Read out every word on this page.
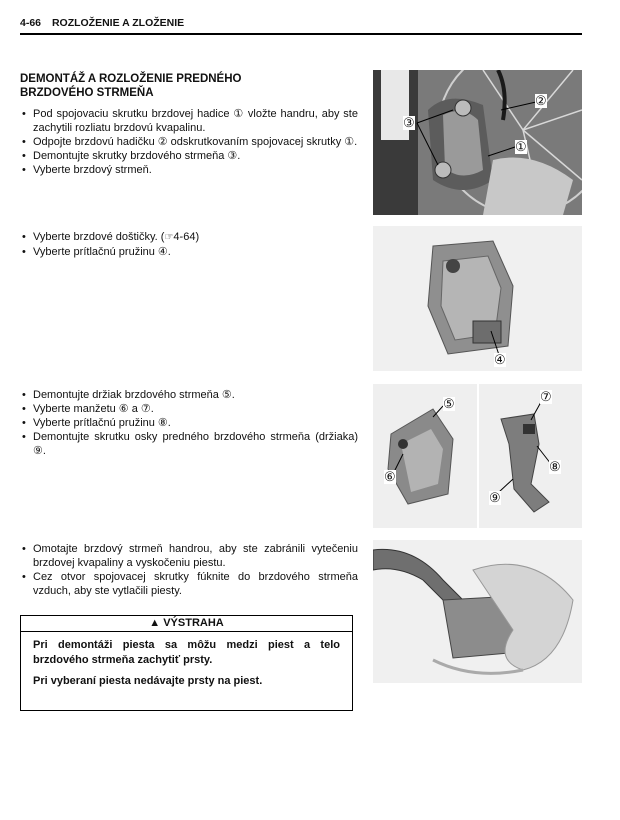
4-66 ROZLOŽENIE A ZLOŽENIE
DEMONTÁŽ A ROZLOŽENIE PREDNÉHO
BRZDOVÉHO STRMEŇA
• Pod spojovaciu skrutku brzdovej hadice ① vložte handru, aby ste zachytili rozliatu brzdovú kvapalinu.
• Odpojte brzdovú hadičku ② odskrutkovaním spojovacej skrutky ①.
• Demontujte skrutky brzdového strmeňa ③.
• Vyberte brzdový strmeň.
• Vyberte brzdové doštičky. (☞4-64)
• Vyberte prítlačnú pružinu ④.
• Demontujte držiak brzdového strmeňa ⑤.
• Vyberte manžetu ⑥ a ⑦.
• Vyberte prítlačnú pružinu ⑧.
• Demontujte skrutku osky predného brzdového strmeňa (držiaka) ⑨.
• Omotajte brzdový strmeň handrou, aby ste zabránili vytečeniu brzdovej kvapaliny a vyskočeniu piestu.
• Cez otvor spojovacej skrutky fúknite do brzdového strmeňa vzduch, aby ste vytlačili piesty.
②
③
①
④
⑤
⑥
⑦
⑧
⑨
▲ VÝSTRAHA

Pri demontáži piesta sa môžu medzi piest a telo brzdového strmeňa zachytiť prsty.

Pri vyberaní piesta nedávajte prsty na piest.
